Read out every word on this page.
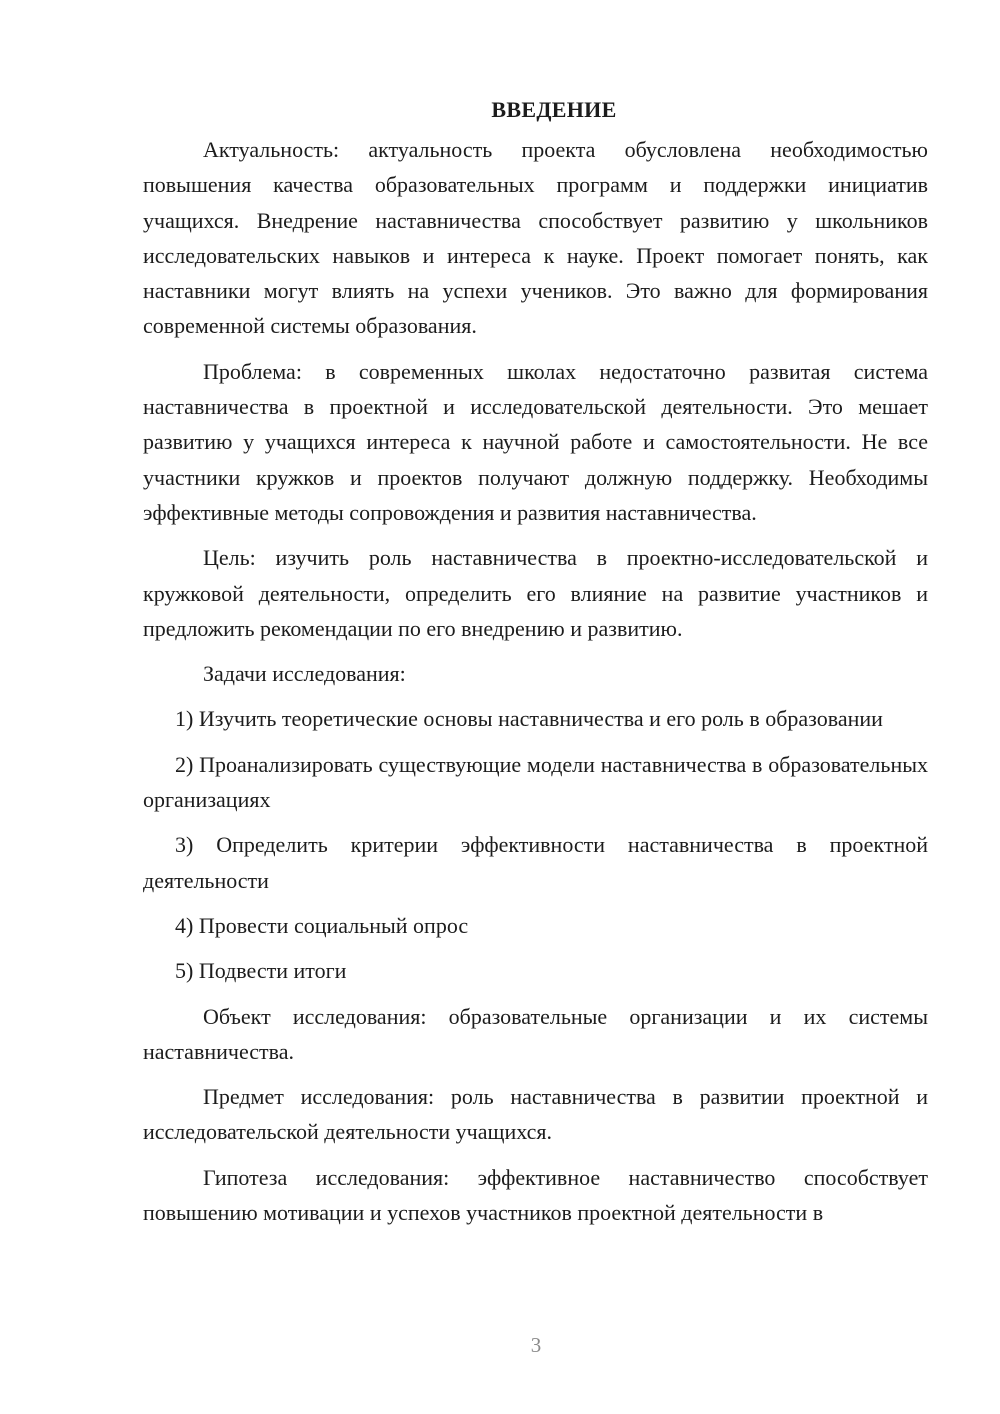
ВВЕДЕНИЕ

Актуальность: актуальность проекта обусловлена необходимостью повышения качества образовательных программ и поддержки инициатив учащихся. Внедрение наставничества способствует развитию у школьников исследовательских навыков и интереса к науке. Проект помогает понять, как наставники могут влиять на успехи учеников. Это важно для формирования современной системы образования.

Проблема: в современных школах недостаточно развитая система наставничества в проектной и исследовательской деятельности. Это мешает развитию у учащихся интереса к научной работе и самостоятельности. Не все участники кружков и проектов получают должную поддержку. Необходимы эффективные методы сопровождения и развития наставничества.

Цель: изучить роль наставничества в проектно-исследовательской и кружковой деятельности, определить его влияние на развитие участников и предложить рекомендации по его внедрению и развитию.

Задачи исследования:

1) Изучить теоретические основы наставничества и его роль в образовании

2) Проанализировать существующие модели наставничества в образовательных организациях

3) Определить критерии эффективности наставничества в проектной деятельности

4) Провести социальный опрос

5) Подвести итоги

Объект исследования: образовательные организации и их системы наставничества.

Предмет исследования: роль наставничества в развитии проектной и исследовательской деятельности учащихся.

Гипотеза исследования: эффективное наставничество способствует повышению мотивации и успехов участников проектной деятельности в

3
